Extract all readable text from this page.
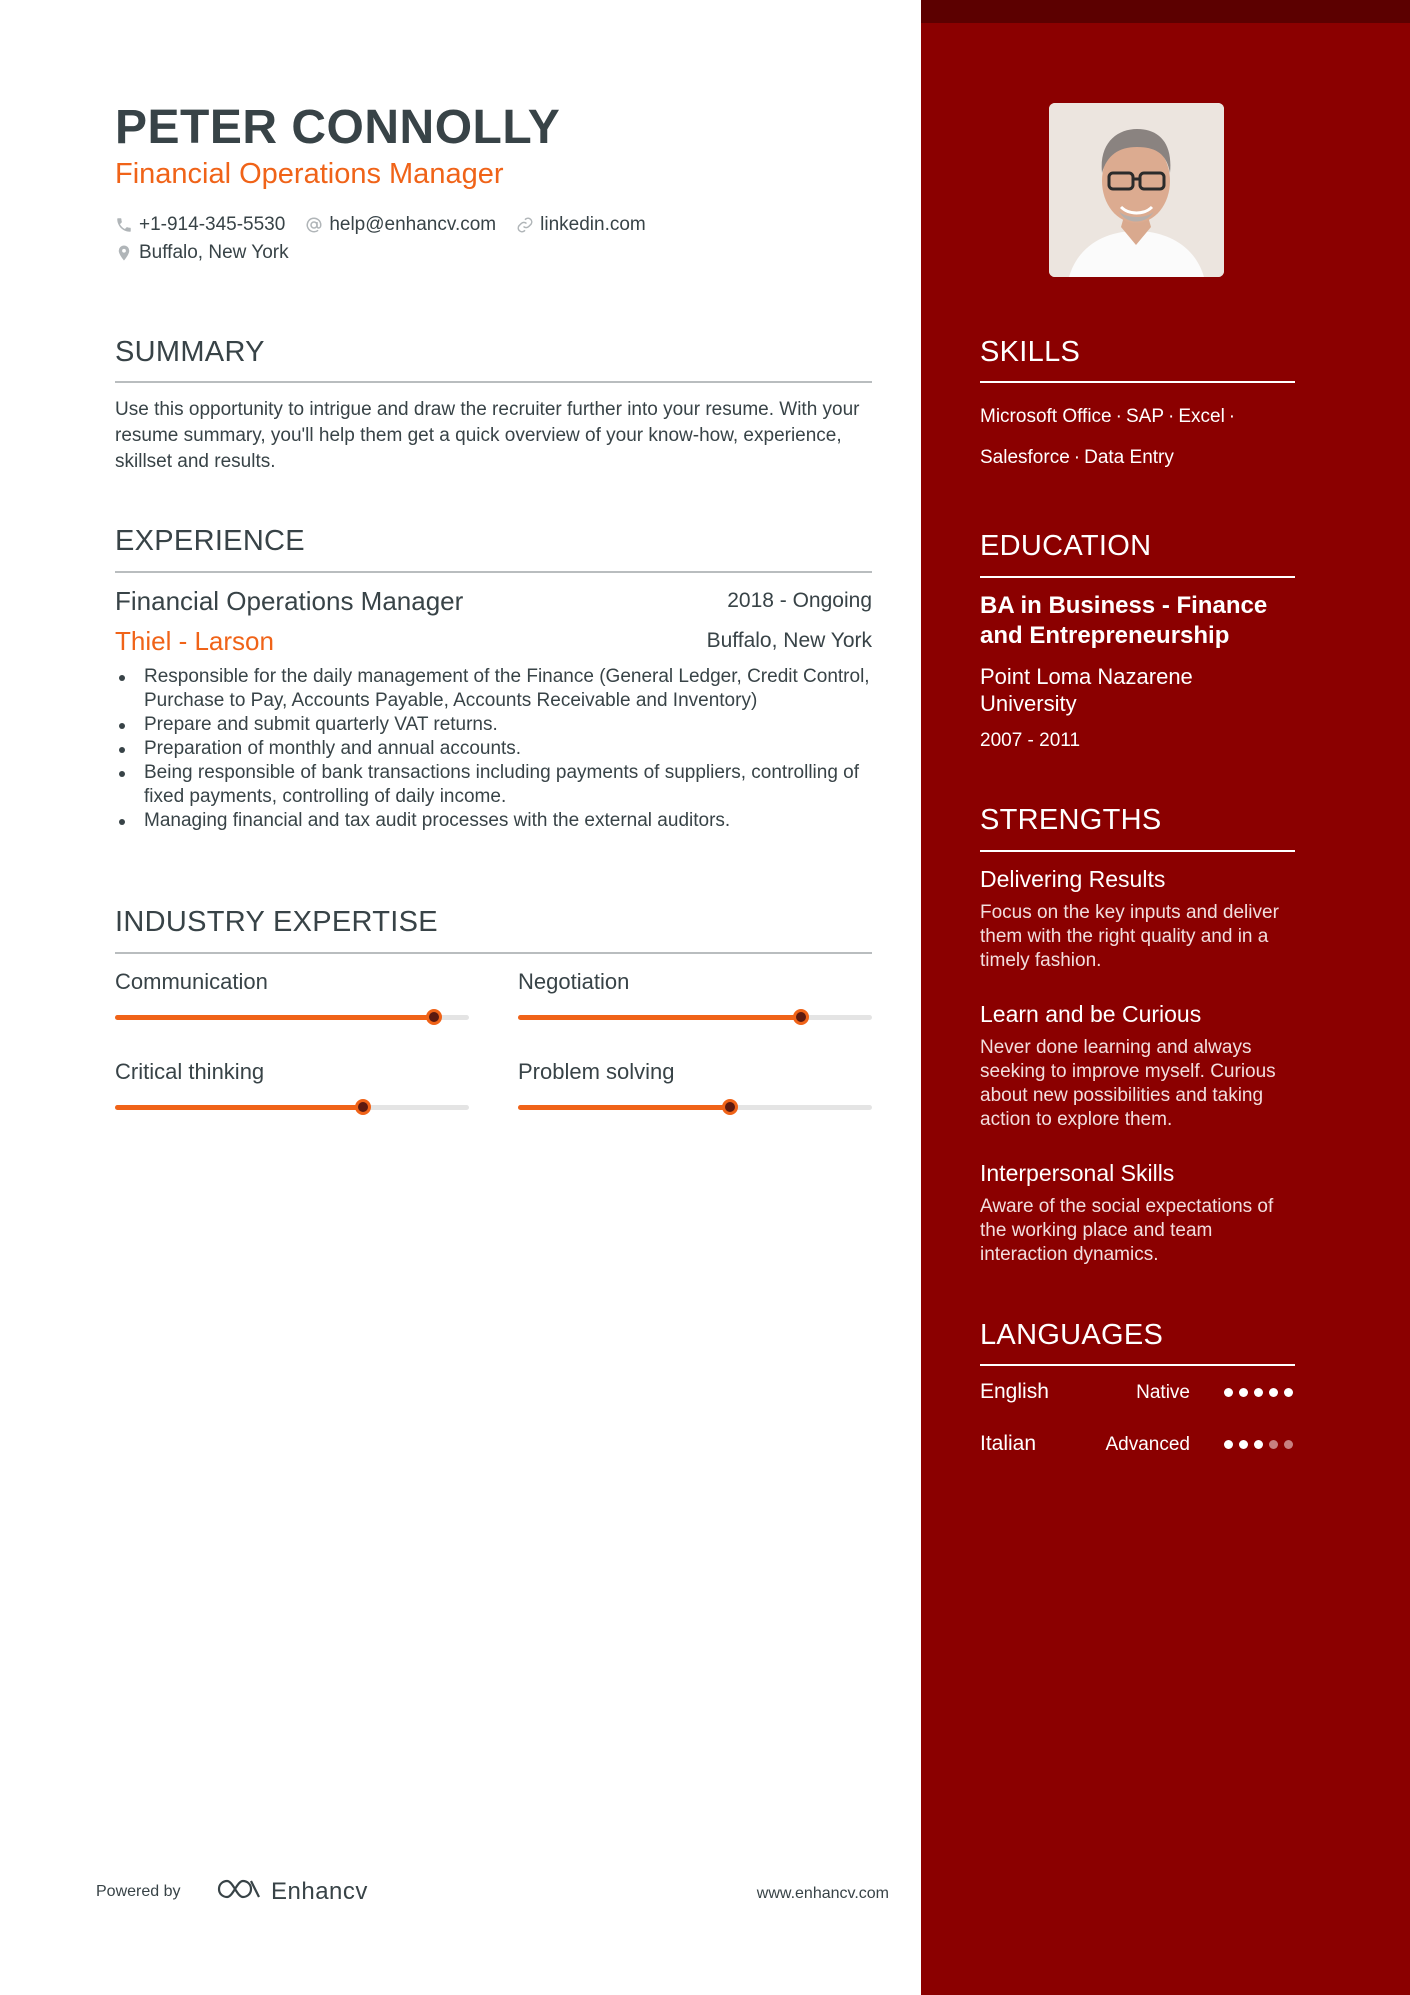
PETER CONNOLLY
Financial Operations Manager
+1-914-345-5530 help@enhancv.com linkedin.com
Buffalo, New York
SUMMARY
Use this opportunity to intrigue and draw the recruiter further into your resume. With your resume summary, you'll help them get a quick overview of your know-how, experience, skillset and results.
EXPERIENCE
Financial Operations Manager	2018 - Ongoing
Thiel - Larson	Buffalo, New York
Responsible for the daily management of the Finance (General Ledger, Credit Control, Purchase to Pay, Accounts Payable, Accounts Receivable and Inventory)
Prepare and submit quarterly VAT returns.
Preparation of monthly and annual accounts.
Being responsible of bank transactions including payments of suppliers, controlling of fixed payments, controlling of daily income.
Managing financial and tax audit processes with the external auditors.
INDUSTRY EXPERTISE
Communication	Negotiation
Critical thinking	Problem solving
Powered by	Enhancv	www.enhancv.com
SKILLS
Microsoft Office · SAP · Excel ·
Salesforce · Data Entry
EDUCATION
BA in Business - Finance and Entrepreneurship
Point Loma Nazarene University
2007 - 2011
STRENGTHS
Delivering Results
Focus on the key inputs and deliver them with the right quality and in a timely fashion.
Learn and be Curious
Never done learning and always seeking to improve myself. Curious about new possibilities and taking action to explore them.
Interpersonal Skills
Aware of the social expectations of the working place and team interaction dynamics.
LANGUAGES
English	Native
Italian	Advanced
